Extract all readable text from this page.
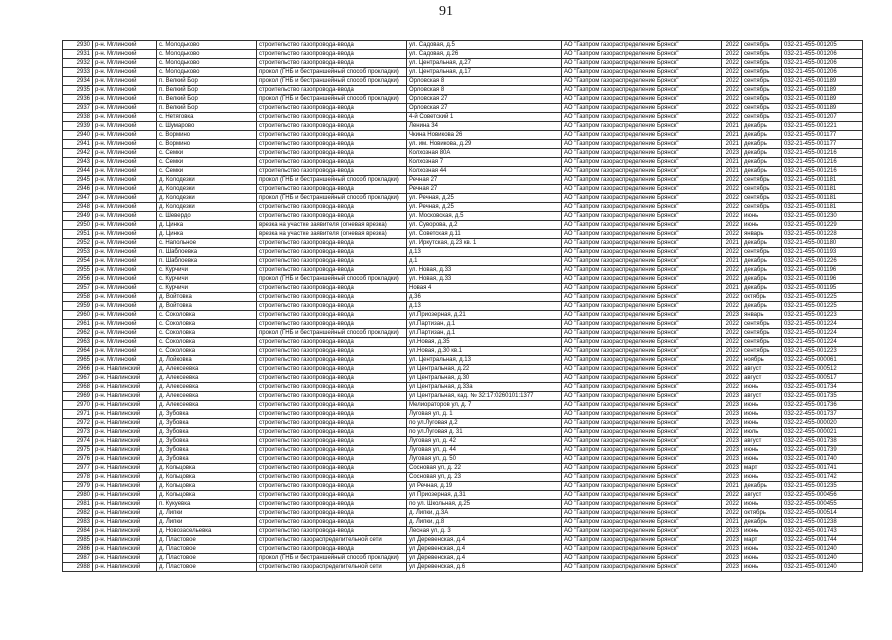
91
2930	р-н. Мглинский	с. Молодьково	строительство газопровода-ввода	ул. Садовая, д.5	АО "Газпром газораспределение Брянск"	2022	сентябрь	032-21-455-001205
2931	р-н. Мглинский	с. Молодьково	строительство газопровода-ввода	ул. Садовая, д.26	АО "Газпром газораспределение Брянск"	2022	сентябрь	032-21-455-001206
2932	р-н. Мглинский	с. Молодьково	строительство газопровода-ввода	ул. Центральная, д.27	АО "Газпром газораспределение Брянск"	2022	сентябрь	032-21-455-001206
2933	р-н. Мглинский	с. Молодьково	прокол (ГНБ и бестраншейный способ прокладки)	ул. Центральная, д.17	АО "Газпром газораспределение Брянск"	2022	сентябрь	032-21-455-001206
2934	р-н. Мглинский	п. Велкий Бор	прокол (ГНБ и бестраншейный способ прокладки)	Орловская 8	АО "Газпром газораспределение Брянск"	2022	сентябрь	032-21-455-001189
2935	р-н. Мглинский	п. Велкий Бор	строительство газопровода-ввода	Орловская 8	АО "Газпром газораспределение Брянск"	2022	сентябрь	032-21-455-001189
2936	р-н. Мглинский	п. Велкий Бор	прокол (ГНБ и бестраншейный способ прокладки)	Орловская 27	АО "Газпром газораспределение Брянск"	2022	сентябрь	032-21-455-001189
2937	р-н. Мглинский	п. Велкий Бор	строительство газопровода-ввода	Орловская 27	АО "Газпром газораспределение Брянск"	2022	сентябрь	032-21-455-001189
2938	р-н. Мглинский	с. Нетяговка	строительство газопровода-ввода	4-й Советский 1	АО "Газпром газораспределение Брянск"	2022	сентябрь	032-21-455-001207
2939	р-н. Мглинский	с. Шумарово	строительство газопровода-ввода	Ленина 34	АО "Газпром газораспределение Брянск"	2021	декабрь	032-21-455-001221
2940	р-н. Мглинский	с. Вормино	строительство газопровода-ввода	Чкина Новикова 26	АО "Газпром газораспределение Брянск"	2021	декабрь	032-21-455-001177
2941	р-н. Мглинский	с. Вормино	строительство газопровода-ввода	ул. им. Новикова, д.29	АО "Газпром газораспределение Брянск"	2021	декабрь	032-21-455-001177
2942	р-н. Мглинский	с. Семки	строительство газопровода-ввода	Колхозная 80А	АО "Газпром газораспределение Брянск"	2023	декабрь	032-21-455-001216
2943	р-н. Мглинский	с. Семки	строительство газопровода-ввода	Колхозная 7	АО "Газпром газораспределение Брянск"	2021	декабрь	032-21-455-001216
2944	р-н. Мглинский	с. Семки	строительство газопровода-ввода	Колхозная 44	АО "Газпром газораспределение Брянск"	2021	декабрь	032-21-455-001216
2945	р-н. Мглинский	д. Колодезки	прокол (ГНБ и бестраншейный способ прокладки)	Речная 27	АО "Газпром газораспределение Брянск"	2022	сентябрь	032-21-455-001181
2946	р-н. Мглинский	д. Колодезки	строительство газопровода-ввода	Речная 27	АО "Газпром газораспределение Брянск"	2022	сентябрь	032-21-455-001181
2947	р-н. Мглинский	д. Колодезки	прокол (ГНБ и бестраншейный способ прокладки)	ул. Речная, д.25	АО "Газпром газораспределение Брянск"	2022	сентябрь	032-21-455-001181
2948	р-н. Мглинский	д. Колодезки	строительство газопровода-ввода	ул. Речная, д.25	АО "Газпром газораспределение Брянск"	2022	сентябрь	032-21-455-001181
2949	р-н. Мглинский	с. Шевердо	строительство газопровода-ввода	ул. Московская, д.5	АО "Газпром газораспределение Брянск"	2022	июнь	032-21-455-001230
2950	р-н. Мглинский	д. Цинка	врезка на участке заявителя (огневая врезка)	ул. Суворова, д.2	АО "Газпром газораспределение Брянск"	2022	июнь	032-21-455-001229
2951	р-н. Мглинский	д. Цинка	врезка на участке заявителя (огневая врезка)	ул. Советская д.11	АО "Газпром газораспределение Брянск"	2022	январь	032-21-455-001228
2952	р-н. Мглинский	с. Напольное	строительство газопровода-ввода	ул. Иркутская, д.23 кв. 1	АО "Газпром газораспределение Брянск"	2021	декабрь	032-21-455-001180
2953	р-н. Мглинский	п. Шаблоевка	строительство газопровода-ввода	д.13	АО "Газпром газораспределение Брянск"	2022	сентябрь	032-21-455-001193
2954	р-н. Мглинский	п. Шаблоевка	строительство газопровода-ввода	д.1	АО "Газпром газораспределение Брянск"	2021	декабрь	032-21-455-001226
2955	р-н. Мглинский	с. Курчичи	строительство газопровода-ввода	ул. Новая, д.33	АО "Газпром газораспределение Брянск"	2022	декабрь	032-21-455-001196
2956	р-н. Мглинский	с. Курчичи	прокол (ГНБ и бестраншейный способ прокладки)	ул. Новая, д.33	АО "Газпром газораспределение Брянск"	2022	декабрь	032-21-455-001196
2957	р-н. Мглинский	с. Курчичи	строительство газопровода-ввода	Новая 4	АО "Газпром газораспределение Брянск"	2021	декабрь	032-21-455-001195
2958	р-н. Мглинский	д. Войтовка	строительство газопровода-ввода	д.36	АО "Газпром газораспределение Брянск"	2022	октябрь	032-21-455-001225
2959	р-н. Мглинский	д. Войтовка	строительство газопровода-ввода	д.13	АО "Газпром газораспределение Брянск"	2022	декабрь	032-21-455-001225
2960	р-н. Мглинский	с. Соколовка	строительство газопровода-ввода	ул.Приозерная, д.21	АО "Газпром газораспределение Брянск"	2023	январь	032-21-455-001223
2961	р-н. Мглинский	с. Соколовка	строительство газопровода-ввода	ул.Партизан, д.1	АО "Газпром газораспределение Брянск"	2022	сентябрь	032-21-455-001224
2962	р-н. Мглинский	с. Соколовка	прокол (ГНБ и бестраншейный способ прокладки)	ул.Партизан, д.1	АО "Газпром газораспределение Брянск"	2022	сентябрь	032-21-455-001224
2963	р-н. Мглинский	с. Соколовка	строительство газопровода-ввода	ул.Новая, д.35	АО "Газпром газораспределение Брянск"	2022	сентябрь	032-21-455-001224
2964	р-н. Мглинский	с. Соколовка	строительство газопровода-ввода	ул.Новая, д.30 кв.1	АО "Газпром газораспределение Брянск"	2022	сентябрь	032-21-455-001223
2965	р-н. Мглинский	д. Лойковка	строительство газопровода-ввода	ул. Центральная, д.13	АО "Газпром газораспределение Брянск"	2022	ноябрь	032-22-455-000061
2966	р-н. Навлинский	д. Алексеевка	строительство газопровода-ввода	ул Центральная, д.22	АО "Газпром газораспределение Брянск"	2022	август	032-22-455-000512
2967	р-н. Навлинский	д. Алексеевка	строительство газопровода-ввода	ул Центральная, д.30	АО "Газпром газораспределение Брянск"	2022	август	032-22-455-000517
2968	р-н. Навлинский	д. Алексеевка	строительство газопровода-ввода	ул Центральная, д.33а	АО "Газпром газораспределение Брянск"	2022	июнь	032-22-455-001734
2969	р-н. Навлинский	д. Алексеевка	строительство газопровода-ввода	ул Центральная, кад. № 32:17:0260101:1377	АО "Газпром газораспределение Брянск"	2023	август	032-22-455-001735
2970	р-н. Навлинский	д. Алексеевка	строительство газопровода-ввода	Мелиораторов ул, д. 7	АО "Газпром газораспределение Брянск"	2023	июнь	032-22-455-001736
2971	р-н. Навлинский	д. Зубовка	строительство газопровода-ввода	Луговая ул, д. 1	АО "Газпром газораспределение Брянск"	2023	июнь	032-22-455-001737
2972	р-н. Навлинский	д. Зубовка	строительство газопровода-ввода	по ул.Луговая д.2	АО "Газпром газораспределение Брянск"	2023	июнь	032-22-455-000020
2973	р-н. Навлинский	д. Зубовка	строительство газопровода-ввода	по ул.Луговая д. 31	АО "Газпром газораспределение Брянск"	2022	июль	032-22-455-000021
2974	р-н. Навлинский	д. Зубовка	строительство газопровода-ввода	Луговая ул, д. 42	АО "Газпром газораспределение Брянск"	2023	август	032-22-455-001738
2975	р-н. Навлинский	д. Зубовка	строительство газопровода-ввода	Луговая ул, д. 44	АО "Газпром газораспределение Брянск"	2023	июнь	032-22-455-001739
2976	р-н. Навлинский	д. Зубовка	строительство газопровода-ввода	Луговая ул, д. 50	АО "Газпром газораспределение Брянск"	2023	июнь	032-22-455-001740
2977	р-н. Навлинский	д. Кольцовка	строительство газопровода-ввода	Сосновая ул, д. 22	АО "Газпром газораспределение Брянск"	2023	март	032-22-455-001741
2978	р-н. Навлинский	д. Кольцовка	строительство газопровода-ввода	Сосновая ул, д. 23	АО "Газпром газораспределение Брянск"	2023	июнь	032-22-455-001742
2979	р-н. Навлинский	д. Кольцовка	строительство газопровода-ввода	ул Речная, д.19	АО "Газпром газораспределение Брянск"	2021	декабрь	032-21-455-001235
2980	р-н. Навлинский	д. Кольцовка	строительство газопровода-ввода	ул Приозерная, д.31	АО "Газпром газораспределение Брянск"	2022	август	032-22-455-000456
2981	р-н. Навлинский	п. Кукуевка	строительство газопровода-ввода	по ул. Школьная, д.25	АО "Газпром газораспределение Брянск"	2022	июнь	032-22-455-000455
2982	р-н. Навлинский	д. Липки	строительство газопровода-ввода	д. Липки, д.3А	АО "Газпром газораспределение Брянск"	2022	октябрь	032-22-455-000514
2983	р-н. Навлинский	д. Липки	строительство газопровода-ввода	д. Липки, д.8	АО "Газпром газораспределение Брянск"	2021	декабрь	032-21-455-001238
2984	р-н. Навлинский	д. Новозасельевка	строительство газопровода-ввода	Лесная ул, д. 3	АО "Газпром газораспределение Брянск"	2023	июнь	032-22-455-001743
2985	р-н. Навлинский	д. Пластовое	строительство газораспределительной сети	ул Деревенская, д.4	АО "Газпром газораспределение Брянск"	2023	март	032-22-455-001744
2986	р-н. Навлинский	д. Пластовое	строительство газопровода-ввода	ул Деревенская, д.4	АО "Газпром газораспределение Брянск"	2023	июнь	032-22-455-001240
2987	р-н. Навлинский	д. Пластовое	прокол (ГНБ и бестраншейный способ прокладки)	ул Деревенская, д.4	АО "Газпром газораспределение Брянск"	2023	июнь	032-21-455-001240
2988	р-н. Навлинский	д. Пластовое	строительство газораспределительной сети	ул Деревенская, д.6	АО "Газпром газораспределение Брянск"	2023	июнь	032-21-455-001240
